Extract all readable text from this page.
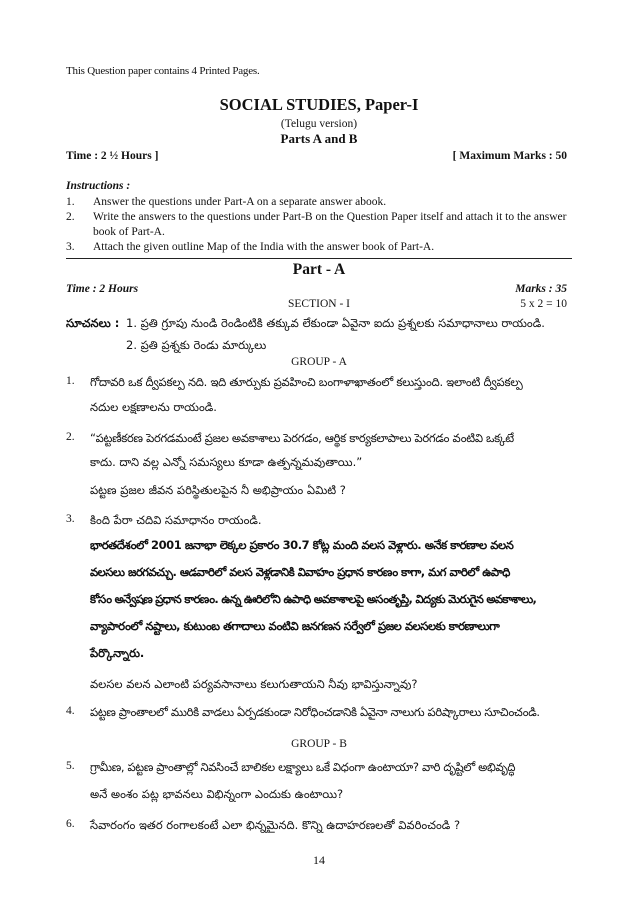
This Question paper contains 4 Printed Pages.
SOCIAL STUDIES, Paper-I
(Telugu version)
Parts A and B
Time : 2 ½ Hours ]	[ Maximum Marks : 50
Instructions :
1. Answer the questions under Part-A on a separate answer abook.
2. Write the answers to the questions under Part-B on the Question Paper itself and attach it to the answer book of Part-A.
3. Attach the given outline Map of the India with the answer book of Part-A.
Part - A
Time : 2 Hours	Marks : 35
SECTION - I	5 x 2 = 10
సూచనలు : 1. ప్రతి గ్రూపు నుండి రెండింటికి తక్కువ లేకుండా ఏవైనా ఐదు ప్రశ్నలకు సమాధానాలు రాయండి.
2. ప్రతి ప్రశ్నకు రెండు మార్కులు
GROUP - A
1. గోదావరి ఒక ద్వీపకల్ప నది. ఇది తూర్పుకు ప్రవహించి బంగాళాఖాతంలో కలుస్తుంది. ఇలాంటి ద్వీపకల్ప
నదుల లక్షణాలను రాయండి.
2. “పట్టణీకరణ పెరగడమంటే ప్రజల అవకాశాలు పెరగడం, ఆర్థిక కార్యకలాపాలు పెరగడం వంటివి ఒక్కటే
కాదు. దాని వల్ల ఎన్నో సమస్యలు కూడా ఉత్పన్నమవుతాయి.”
పట్టణ ప్రజల జీవన పరిస్థితులపైన నీ అభిప్రాయం ఏమిటి ?
3. కింది పేరా చదివి సమాధానం రాయండి.
భారతదేశంలో 2001 జనాభా లెక్కల ప్రకారం 30.7 కోట్ల మంది వలస వెళ్లారు. అనేక కారణాల వలన
వలసలు జరగవచ్చు. ఆడవారిలో వలస వెళ్లడానికి వివాహం ప్రధాన కారణం కాగా, మగ వారిలో ఉపాధి
కోసం అన్వేషణ ప్రధాన కారణం. ఉన్న ఊరిలోని ఉపాధి అవకాశాలపై అసంతృప్తి, విద్యకు మెరుగైన అవకాశాలు,
వ్యాపారంలో నష్టాలు, కుటుంబ తగాదాలు వంటివి జనగణన సర్వేలో ప్రజల వలసలకు కారణాలుగా
పేర్కొన్నారు.
వలసల వలన ఎలాంటి పర్యవసానాలు కలుగుతాయని నీవు భావిస్తున్నావు?
4. పట్టణ ప్రాంతాలలో మురికి వాడలు ఏర్పడకుండా నిరోధించడానికి ఏవైనా నాలుగు పరిష్కారాలు సూచించండి.
GROUP - B
5. గ్రామీణ, పట్టణ ప్రాంతాల్లో నివసించే బాలికల లక్ష్యాలు ఒకే విధంగా ఉంటాయా? వారి దృష్టిలో అభివృద్ధి
అనే అంశం పట్ల భావనలు విభిన్నంగా ఎందుకు ఉంటాయి?
6. సేవారంగం ఇతర రంగాలకంటే ఎలా భిన్నమైనది. కొన్ని ఉదాహరణలతో వివరించండి ?
14
